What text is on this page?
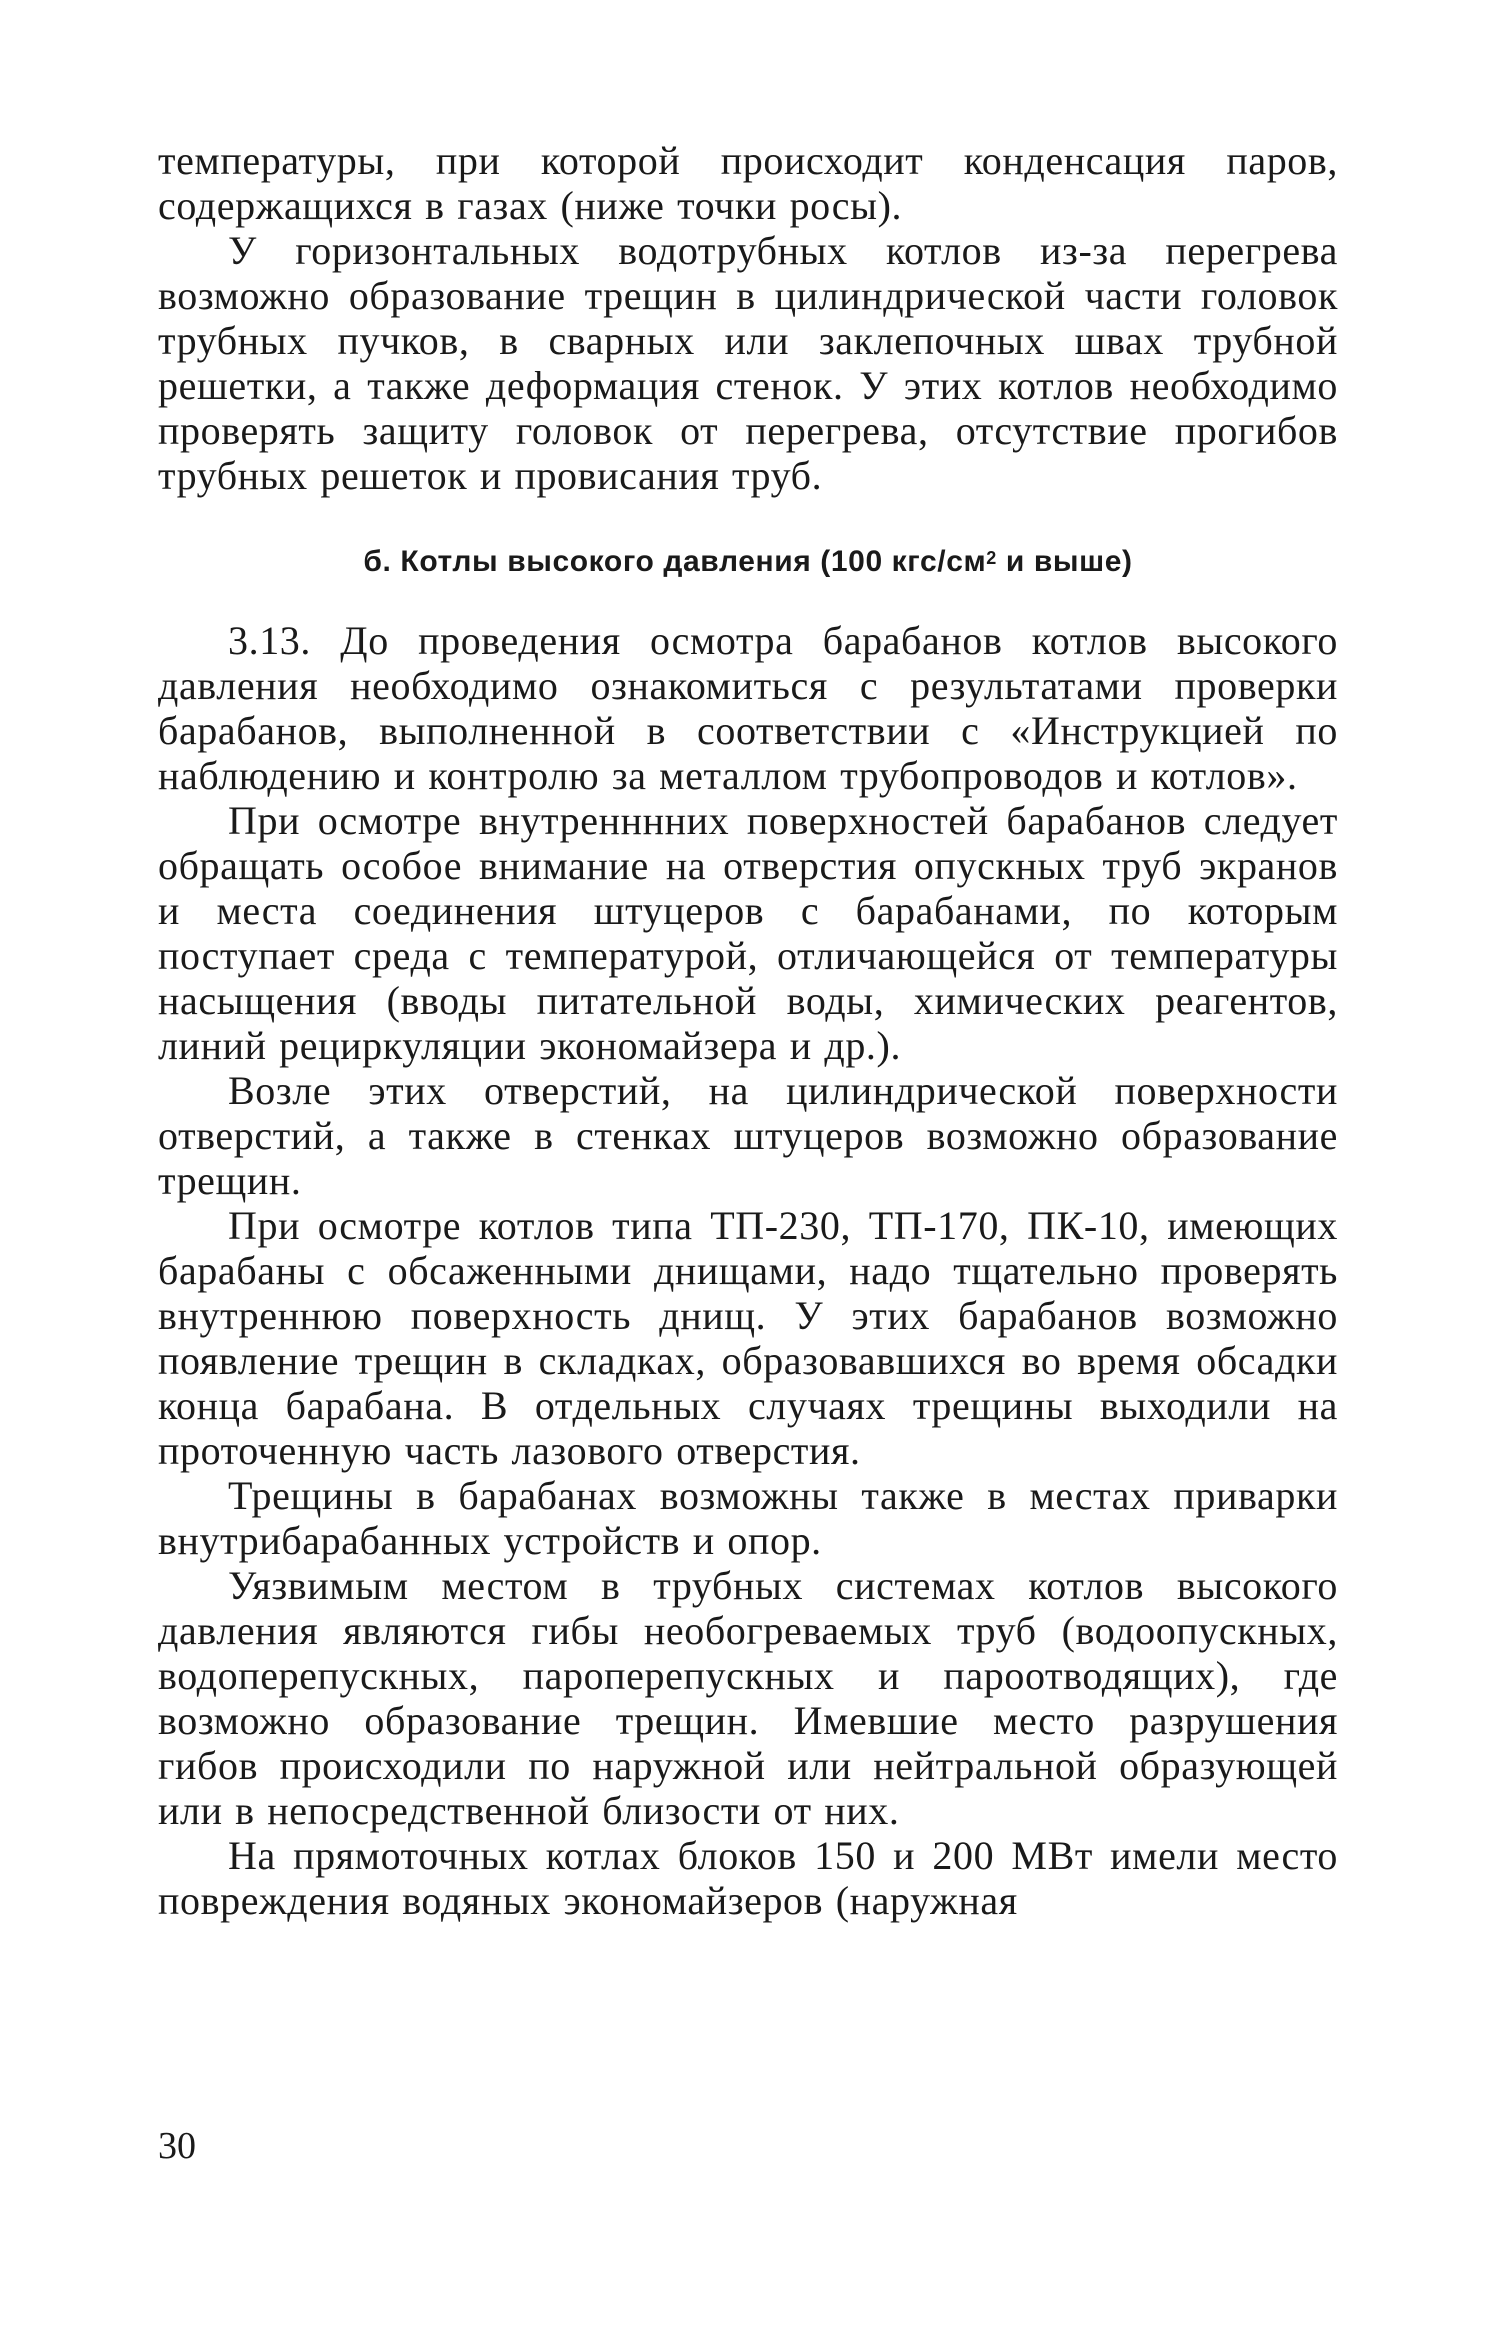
температуры, при которой происходит конденсация паров, содержащихся в газах (ниже точки росы).

У горизонтальных водотрубных котлов из-за перегрева возможно образование трещин в цилиндрической части головок трубных пучков, в сварных или заклепочных швах трубной решетки, а также деформация стенок. У этих котлов необходимо проверять защиту головок от перегрева, отсутствие прогибов трубных решеток и провисания труб.

б. Котлы высокого давления (100 кгс/$см^2$ и выше)

3.13. До проведения осмотра барабанов котлов высокого давления необходимо ознакомиться с результатами проверки барабанов, выполненной в соответствии с «Инструкцией по наблюдению и контролю за металлом трубопроводов и котлов».

При осмотре внутренннних поверхностей барабанов следует обращать особое внимание на отверстия опускных труб экранов и места соединения штуцеров с барабанами, по которым поступает среда с температурой, отличающейся от температуры насыщения (вводы питательной воды, химических реагентов, линий рециркуляции экономайзера и др.).

Возле этих отверстий, на цилиндрической поверхности отверстий, а также в стенках штуцеров возможно образование трещин.

При осмотре котлов типа ТП-230, ТП-170, ПК-10, имеющих барабаны с обсаженными днищами, надо тщательно проверять внутреннюю поверхность днищ. У этих барабанов возможно появление трещин в складках, образовавшихся во время обсадки конца барабана. В отдельных случаях трещины выходили на проточенную часть лазового отверстия.

Трещины в барабанах возможны также в местах приварки внутрибарабанных устройств и опор.

Уязвимым местом в трубных системах котлов высокого давления являются гибы необогреваемых труб (водоопускных, водоперепускных, пароперепускных и пароотводящих), где возможно образование трещин. Имевшие место разрушения гибов происходили по наружной или нейтральной образующей или в непосредственной близости от них.

На прямоточных котлах блоков 150 и 200 МВт имели место повреждения водяных экономайзеров (наружная

30
